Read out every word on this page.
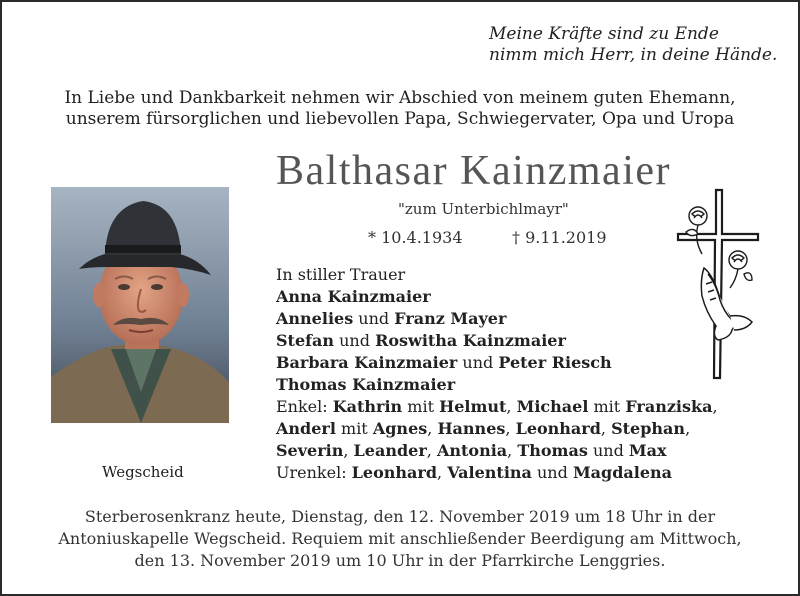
Meine Kräfte sind zu Ende
nimm mich Herr, in deine Hände.
In Liebe und Dankbarkeit nehmen wir Abschied von meinem guten Ehemann,
unserem fürsorglichen und liebevollen Papa, Schwiegervater, Opa und Uropa
Balthasar Kainzmaier
"zum Unterbichlmayr"
* 10.4.1934	† 9.11.2019
Wegscheid
In stiller Trauer
Anna Kainzmaier
Annelies und Franz Mayer
Stefan und Roswitha Kainzmaier
Barbara Kainzmaier und Peter Riesch
Thomas Kainzmaier
Enkel: Kathrin mit Helmut, Michael mit Franziska,
Anderl mit Agnes, Hannes, Leonhard, Stephan,
Severin, Leander, Antonia, Thomas und Max
Urenkel: Leonhard, Valentina und Magdalena
Sterberosenkranz heute, Dienstag, den 12. November 2019 um 18 Uhr in der
Antoniuskapelle Wegscheid. Requiem mit anschließender Beerdigung am Mittwoch,
den 13. November 2019 um 10 Uhr in der Pfarrkirche Lenggries.
